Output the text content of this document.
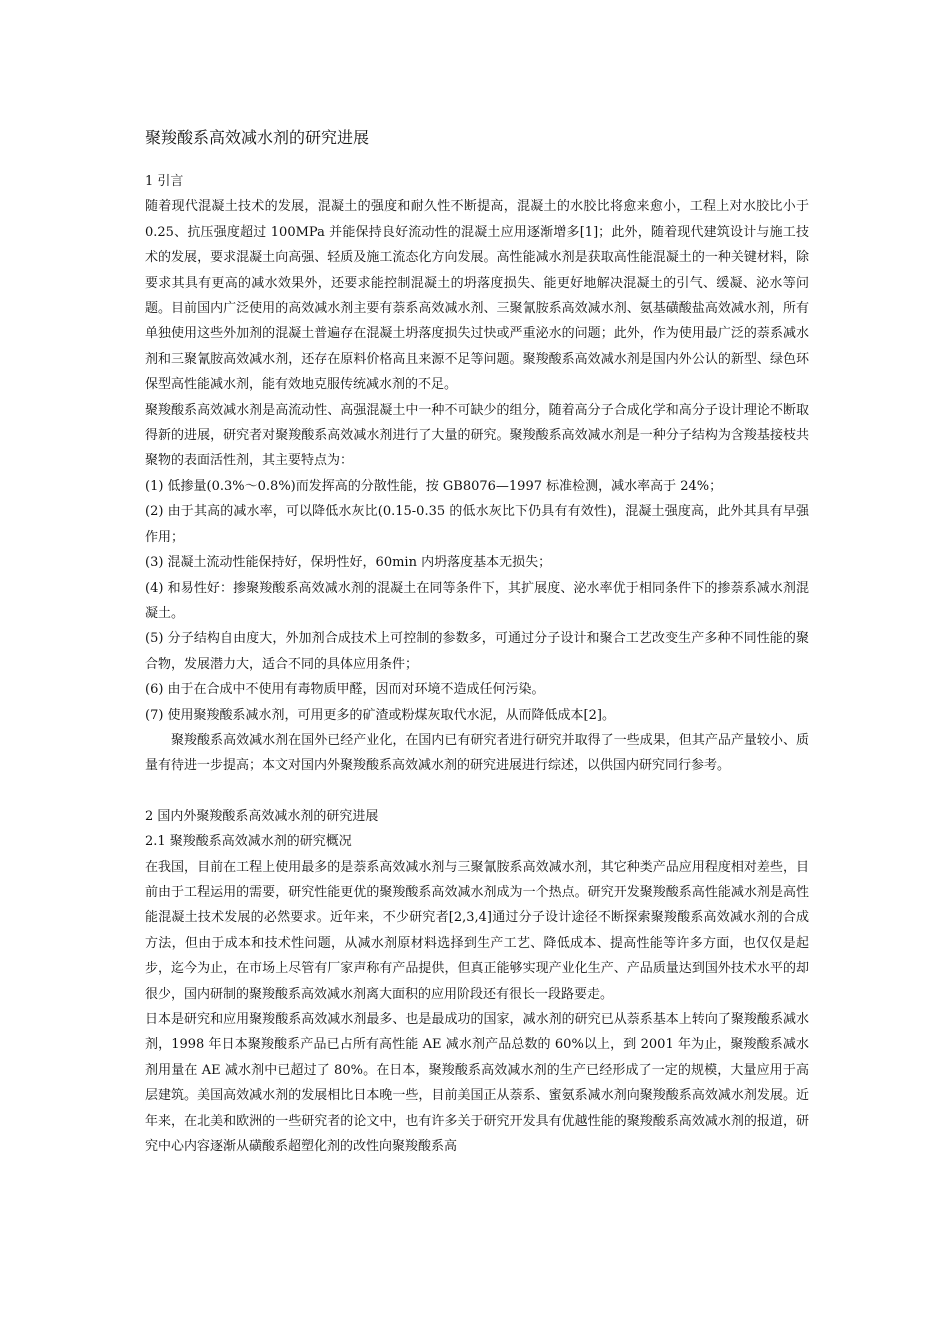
聚羧酸系高效减水剂的研究进展
1 引言

随着现代混凝土技术的发展，混凝土的强度和耐久性不断提高，混凝土的水胶比将愈来愈小，工程上对水胶比小于 0.25、抗压强度超过 100MPa 并能保持良好流动性的混凝土应用逐渐增多[1]；此外，随着现代建筑设计与施工技术的发展，要求混凝土向高强、轻质及施工流态化方向发展。高性能减水剂是获取高性能混凝土的一种关键材料，除要求其具有更高的减水效果外，还要求能控制混凝土的坍落度损失、能更好地解决混凝土的引气、缓凝、泌水等问题。目前国内广泛使用的高效减水剂主要有萘系高效减水剂、三聚氰胺系高效减水剂、氨基磺酸盐高效减水剂，所有单独使用这些外加剂的混凝土普遍存在混凝土坍落度损失过快或严重泌水的问题；此外，作为使用最广泛的萘系减水剂和三聚氰胺高效减水剂，还存在原料价格高且来源不足等问题。聚羧酸系高效减水剂是国内外公认的新型、绿色环保型高性能减水剂，能有效地克服传统减水剂的不足。

聚羧酸系高效减水剂是高流动性、高强混凝土中一种不可缺少的组分，随着高分子合成化学和高分子设计理论不断取得新的进展，研究者对聚羧酸系高效减水剂进行了大量的研究。聚羧酸系高效减水剂是一种分子结构为含羧基接枝共聚物的表面活性剂，其主要特点为：

(1) 低掺量(0.3%～0.8%)而发挥高的分散性能，按 GB8076—1997 标准检测，减水率高于 24%；

(2) 由于其高的减水率，可以降低水灰比(0.15-0.35 的低水灰比下仍具有有效性)，混凝土强度高，此外其具有早强作用；

(3) 混凝土流动性能保持好，保坍性好，60min 内坍落度基本无损失；

(4) 和易性好：掺聚羧酸系高效减水剂的混凝土在同等条件下，其扩展度、泌水率优于相同条件下的掺萘系减水剂混凝土。

(5) 分子结构自由度大，外加剂合成技术上可控制的参数多，可通过分子设计和聚合工艺改变生产多种不同性能的聚合物，发展潜力大，适合不同的具体应用条件；

(6) 由于在合成中不使用有毒物质甲醛，因而对环境不造成任何污染。

(7) 使用聚羧酸系减水剂，可用更多的矿渣或粉煤灰取代水泥，从而降低成本[2]。

聚羧酸系高效减水剂在国外已经产业化，在国内已有研究者进行研究并取得了一些成果，但其产品产量较小、质量有待进一步提高；本文对国内外聚羧酸系高效减水剂的研究进展进行综述，以供国内研究同行参考。

2 国内外聚羧酸系高效减水剂的研究进展
2.1 聚羧酸系高效减水剂的研究概况

在我国，目前在工程上使用最多的是萘系高效减水剂与三聚氰胺系高效减水剂，其它种类产品应用程度相对差些，目前由于工程运用的需要，研究性能更优的聚羧酸系高效减水剂成为一个热点。研究开发聚羧酸系高性能减水剂是高性能混凝土技术发展的必然要求。近年来，不少研究者[2,3,4]通过分子设计途径不断探索聚羧酸系高效减水剂的合成方法，但由于成本和技术性问题，从减水剂原材料选择到生产工艺、降低成本、提高性能等许多方面，也仅仅是起步，迄今为止，在市场上尽管有厂家声称有产品提供，但真正能够实现产业化生产、产品质量达到国外技术水平的却很少，国内研制的聚羧酸系高效减水剂离大面积的应用阶段还有很长一段路要走。

日本是研究和应用聚羧酸系高效减水剂最多、也是最成功的国家，减水剂的研究已从萘系基本上转向了聚羧酸系减水剂，1998 年日本聚羧酸系产品已占所有高性能 AE 减水剂产品总数的 60%以上，到 2001 年为止，聚羧酸系减水剂用量在 AE 减水剂中已超过了 80%。在日本，聚羧酸系高效减水剂的生产已经形成了一定的规模，大量应用于高层建筑。美国高效减水剂的发展相比日本晚一些，目前美国正从萘系、蜜氨系减水剂向聚羧酸系高效减水剂发展。近年来，在北美和欧洲的一些研究者的论文中，也有许多关于研究开发具有优越性能的聚羧酸系高效减水剂的报道，研究中心内容逐渐从磺酸系超塑化剂的改性向聚羧酸系高
